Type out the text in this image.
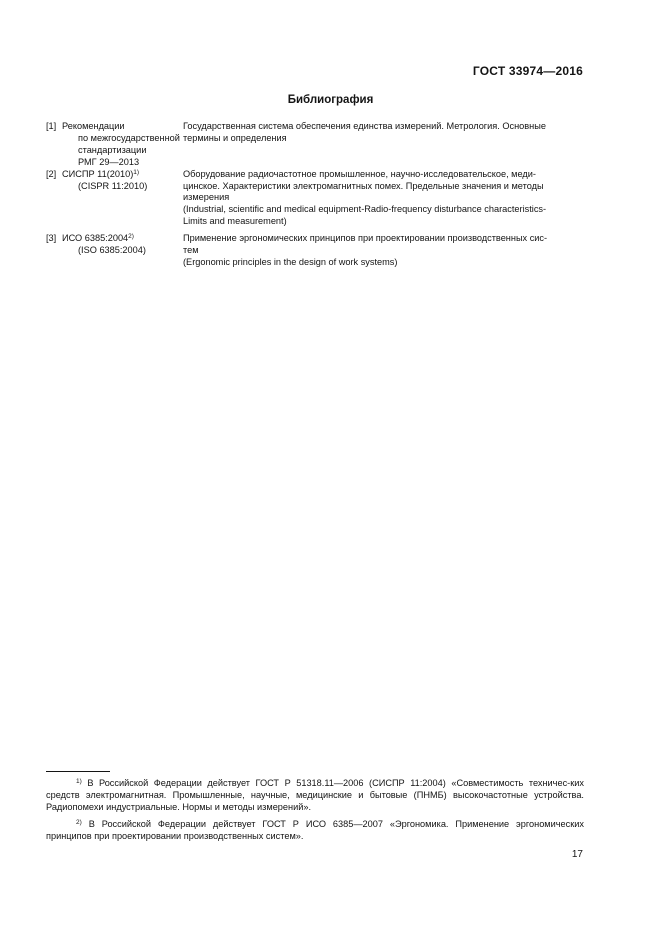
ГОСТ 33974—2016
Библиография
[1] Рекомендации
по межгосударственной
стандартизации
РМГ 29—2013
Государственная система обеспечения единства измерений. Метрология. Основные
термины и определения
[2] СИСПР $11(2010)^{1)}$
(CISPR 11:2010)
Оборудование радиочастотное промышленное, научно-исследовательское, меди-
цинское. Характеристики электромагнитных помех. Предельные значения и методы
измерения
(Industrial, scientific and medical equipment-Radio-frequency disturbance characteristics-
Limits and measurement)
[3] ИСО 6385:2004$^{2)}$
(ISO 6385:2004)
Применение эргономических принципов при проектировании производственных сис-
тем
(Ergonomic principles in the design of work systems)

$^{1)}$ В Российской Федерации действует ГОСТ Р 51318.11—2006 (СИСПР 11:2004) «Совместимость техничес-ких средств электромагнитная. Промышленные, научные, медицинские и бытовые (ПНМБ) высокочастотные устройства. Радиопомехи индустриальные. Нормы и методы измерений».

$^{2)}$ В Российской Федерации действует ГОСТ Р ИСО 6385—2007 «Эргономика. Применение эргономических принципов при проектировании производственных систем».

17
